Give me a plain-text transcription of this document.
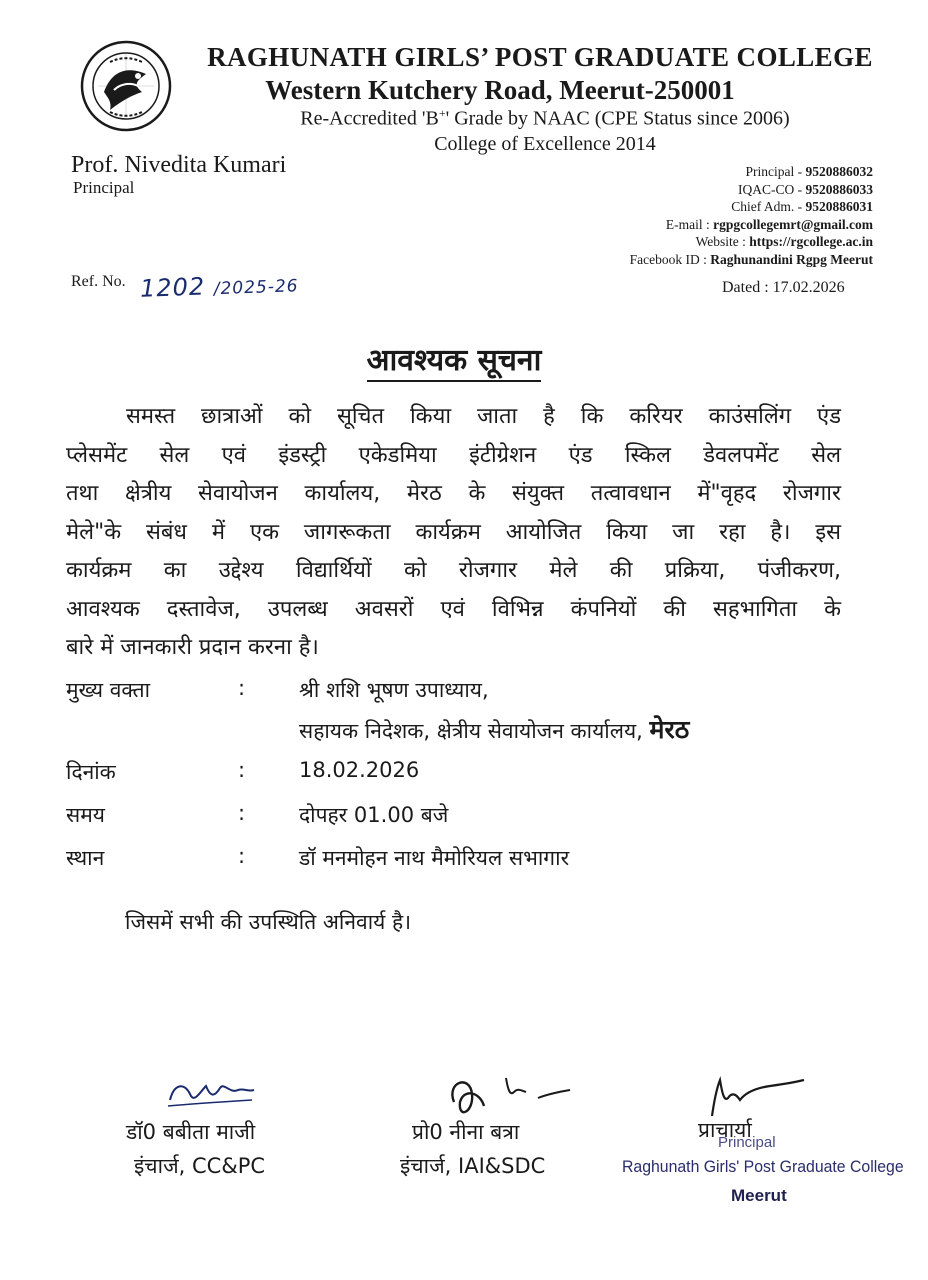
RAGHUNATH GIRLS’ POST GRADUATE COLLEGE
Western Kutchery Road, Meerut-250001
Re-Accredited 'B+' Grade by NAAC (CPE Status since 2006)
College of Excellence 2014
Prof. Nivedita Kumari
Principal
Principal - 9520886032
IQAC-CO - 9520886033
Chief Adm. - 9520886031
E-mail : rgpgcollegemrt@gmail.com
Website : https://rgcollege.ac.in
Facebook ID : Raghunandini Rgpg Meerut
Ref. No. 1202 /2025-26	Dated : 17.02.2026
आवश्यक सूचना
समस्त छात्राओं को सूचित किया जाता है कि करियर काउंसलिंग एंड
प्लेसमेंट सेल एवं इंडस्ट्री एकेडमिया इंटीग्रेशन एंड स्किल डेवलपमेंट सेल
तथा क्षेत्रीय सेवायोजन कार्यालय, मेरठ के संयुक्त तत्वावधान में"वृहद रोजगार
मेले"के संबंध में एक जागरूकता कार्यक्रम आयोजित किया जा रहा है। इस
कार्यक्रम का उद्देश्य विद्यार्थियों को रोजगार मेले की प्रक्रिया, पंजीकरण,
आवश्यक दस्तावेज, उपलब्ध अवसरों एवं विभिन्न कंपनियों की सहभागिता के
बारे में जानकारी प्रदान करना है।
मुख्य वक्ता	:	श्री शशि भूषण उपाध्याय,
सहायक निदेशक, क्षेत्रीय सेवायोजन कार्यालय, मेरठ
दिनांक	:	18.02.2026
समय	:	दोपहर 01.00 बजे
स्थान	:	डॉ मनमोहन नाथ मैमोरियल सभागार
जिसमें सभी की उपस्थिति अनिवार्य है।
डॉ0 बबीता माजी
इंचार्ज, CC&PC
प्रो0 नीना बत्रा
इंचार्ज, IAI&SDC
प्राचार्या
Principal
Raghunath Girls' Post Graduate College
Meerut
